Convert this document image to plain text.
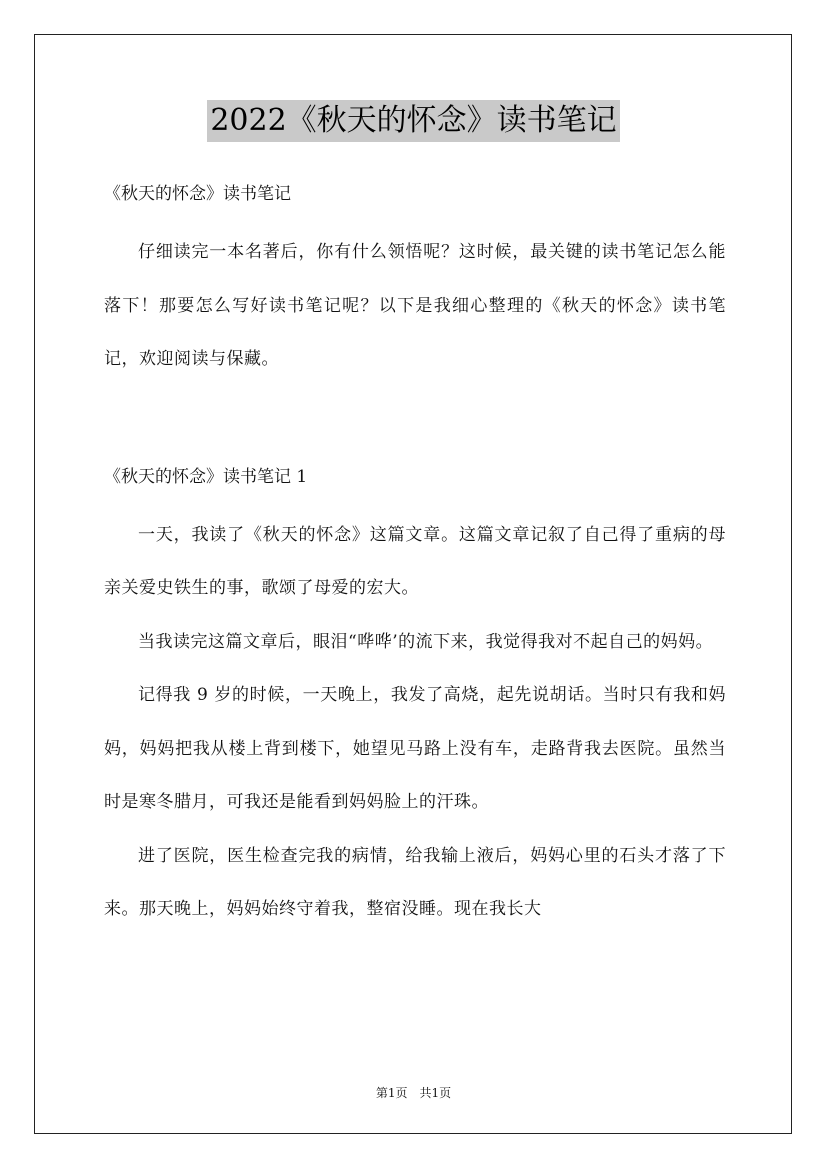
2022《秋天的怀念》读书笔记

《秋天的怀念》读书笔记

仔细读完一本名著后，你有什么领悟呢？这时候，最关键的读书笔记怎么能落下！那要怎么写好读书笔记呢？以下是我细心整理的《秋天的怀念》读书笔记，欢迎阅读与保藏。

《秋天的怀念》读书笔记 1

一天，我读了《秋天的怀念》这篇文章。这篇文章记叙了自己得了重病的母亲关爱史铁生的事，歌颂了母爱的宏大。

当我读完这篇文章后，眼泪“哗哗’的流下来，我觉得我对不起自己的妈妈。

记得我 9 岁的时候，一天晚上，我发了高烧，起先说胡话。当时只有我和妈妈，妈妈把我从楼上背到楼下，她望见马路上没有车，走路背我去医院。虽然当时是寒冬腊月，可我还是能看到妈妈脸上的汗珠。

进了医院，医生检查完我的病情，给我输上液后，妈妈心里的石头才落了下来。那天晚上，妈妈始终守着我，整宿没睡。现在我长大

第1页　共1页
